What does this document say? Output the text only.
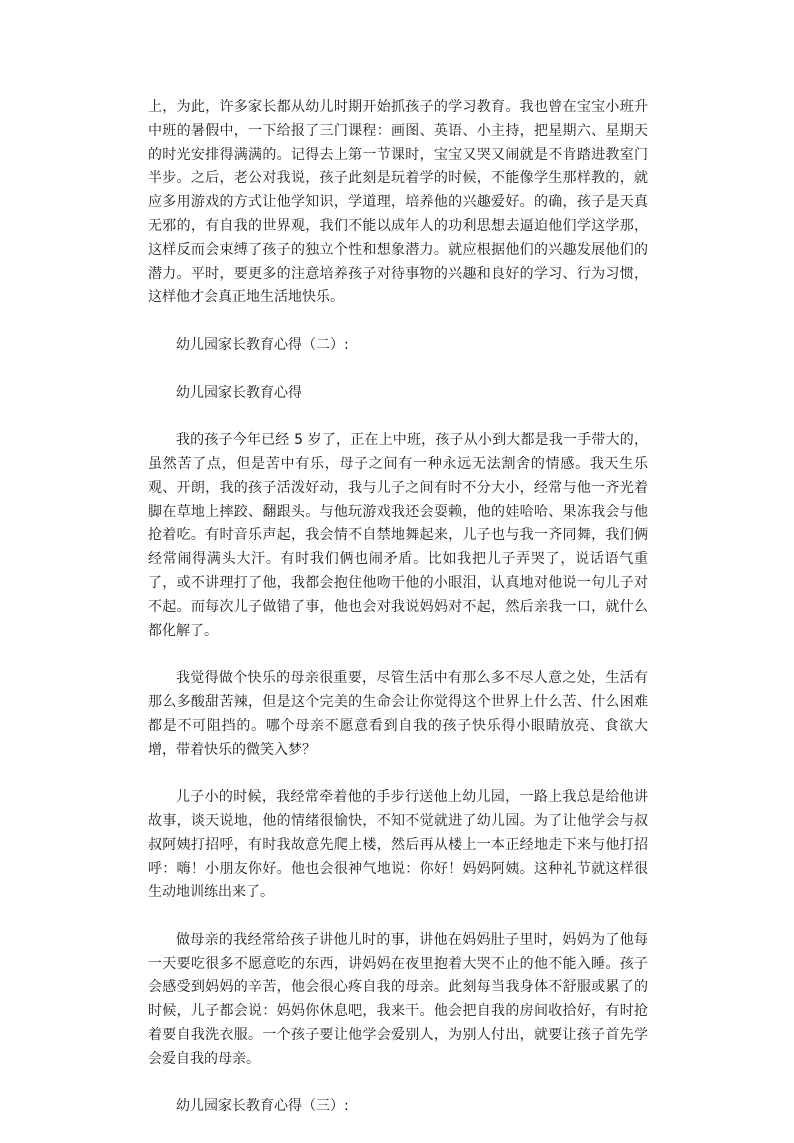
上，为此，许多家长都从幼儿时期开始抓孩子的学习教育。我也曾在宝宝小班升中班的暑假中，一下给报了三门课程：画图、英语、小主持，把星期六、星期天的时光安排得满满的。记得去上第一节课时，宝宝又哭又闹就是不肯踏进教室门半步。之后，老公对我说，孩子此刻是玩着学的时候，不能像学生那样教的，就应多用游戏的方式让他学知识，学道理，培养他的兴趣爱好。的确，孩子是天真无邪的，有自我的世界观，我们不能以成年人的功利思想去逼迫他们学这学那，这样反而会束缚了孩子的独立个性和想象潜力。就应根据他们的兴趣发展他们的潜力。平时，要更多的注意培养孩子对待事物的兴趣和良好的学习、行为习惯，这样他才会真正地生活地快乐。

幼儿园家长教育心得（二）:

幼儿园家长教育心得

我的孩子今年已经 5 岁了，正在上中班，孩子从小到大都是我一手带大的，虽然苦了点，但是苦中有乐，母子之间有一种永远无法割舍的情感。我天生乐观、开朗，我的孩子活泼好动，我与儿子之间有时不分大小，经常与他一齐光着脚在草地上摔跤、翻跟头。与他玩游戏我还会耍赖，他的娃哈哈、果冻我会与他抢着吃。有时音乐声起，我会情不自禁地舞起来，儿子也与我一齐同舞，我们俩经常闹得满头大汗。有时我们俩也闹矛盾。比如我把儿子弄哭了，说话语气重了，或不讲理打了他，我都会抱住他吻干他的小眼泪，认真地对他说一句儿子对不起。而每次儿子做错了事，他也会对我说妈妈对不起，然后亲我一口，就什么都化解了。

我觉得做个快乐的母亲很重要，尽管生活中有那么多不尽人意之处，生活有那么多酸甜苦辣，但是这个完美的生命会让你觉得这个世界上什么苦、什么困难都是不可阻挡的。哪个母亲不愿意看到自我的孩子快乐得小眼睛放亮、食欲大增，带着快乐的微笑入梦？

儿子小的时候，我经常牵着他的手步行送他上幼儿园，一路上我总是给他讲故事，谈天说地，他的情绪很愉快，不知不觉就进了幼儿园。为了让他学会与叔叔阿姨打招呼，有时我故意先爬上楼，然后再从楼上一本正经地走下来与他打招呼：嗨！小朋友你好。他也会很神气地说：你好！妈妈阿姨。这种礼节就这样很生动地训练出来了。

做母亲的我经常给孩子讲他儿时的事，讲他在妈妈肚子里时，妈妈为了他每一天要吃很多不愿意吃的东西，讲妈妈在夜里抱着大哭不止的他不能入睡。孩子会感受到妈妈的辛苦，他会很心疼自我的母亲。此刻每当我身体不舒服或累了的时候，儿子都会说：妈妈你休息吧，我来干。他会把自我的房间收拾好，有时抢着要自我洗衣服。一个孩子要让他学会爱别人，为别人付出，就要让孩子首先学会爱自我的母亲。

幼儿园家长教育心得（三）:
